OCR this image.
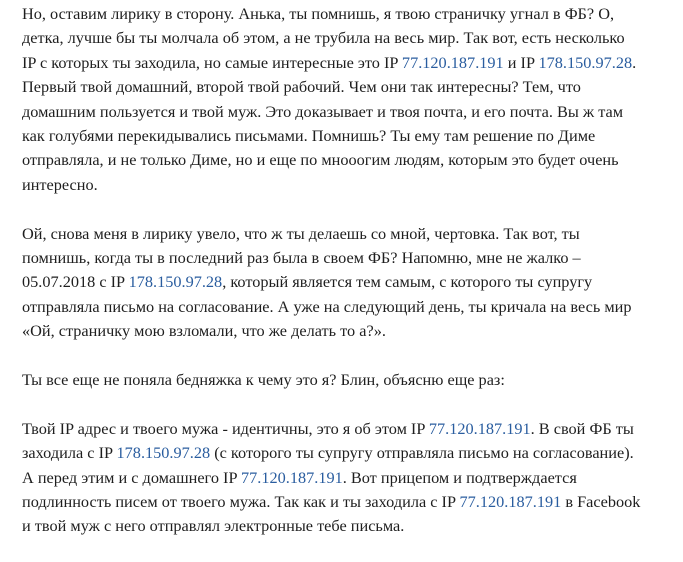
Но, оставим лирику в сторону. Анька, ты помнишь, я твою страничку угнал в ФБ? О,
детка, лучше бы ты молчала об этом, а не трубила на весь мир. Так вот, есть несколько
IP с которых ты заходила, но самые интересные это IP 77.120.187.191 и IP 178.150.97.28.
Первый твой домашний, второй твой рабочий. Чем они так интересны? Тем, что
домашним пользуется и твой муж. Это доказывает и твоя почта, и его почта. Вы ж там
как голубями перекидывались письмами. Помнишь? Ты ему там решение по Диме
отправляла, и не только Диме, но и еще по мнооогим людям, которым это будет очень
интересно.
Ой, снова меня в лирику увело, что ж ты делаешь со мной, чертовка. Так вот, ты
помнишь, когда ты в последний раз была в своем ФБ? Напомню, мне не жалко –
05.07.2018 с IP 178.150.97.28, который является тем самым, с которого ты супругу
отправляла письмо на согласование. А уже на следующий день, ты кричала на весь мир
«Ой, страничку мою взломали, что же делать то а?».
Ты все еще не поняла бедняжка к чему это я? Блин, объясню еще раз:
Твой IP адрес и твоего мужа - идентичны, это я об этом IP 77.120.187.191. В свой ФБ ты
заходила с IP 178.150.97.28 (с которого ты супругу отправляла письмо на согласование).
А перед этим и с домашнего IP 77.120.187.191. Вот прицепом и подтверждается
подлинность писем от твоего мужа. Так как и ты заходила с IP 77.120.187.191 в Facebook
и твой муж с него отправлял электронные тебе письма.
